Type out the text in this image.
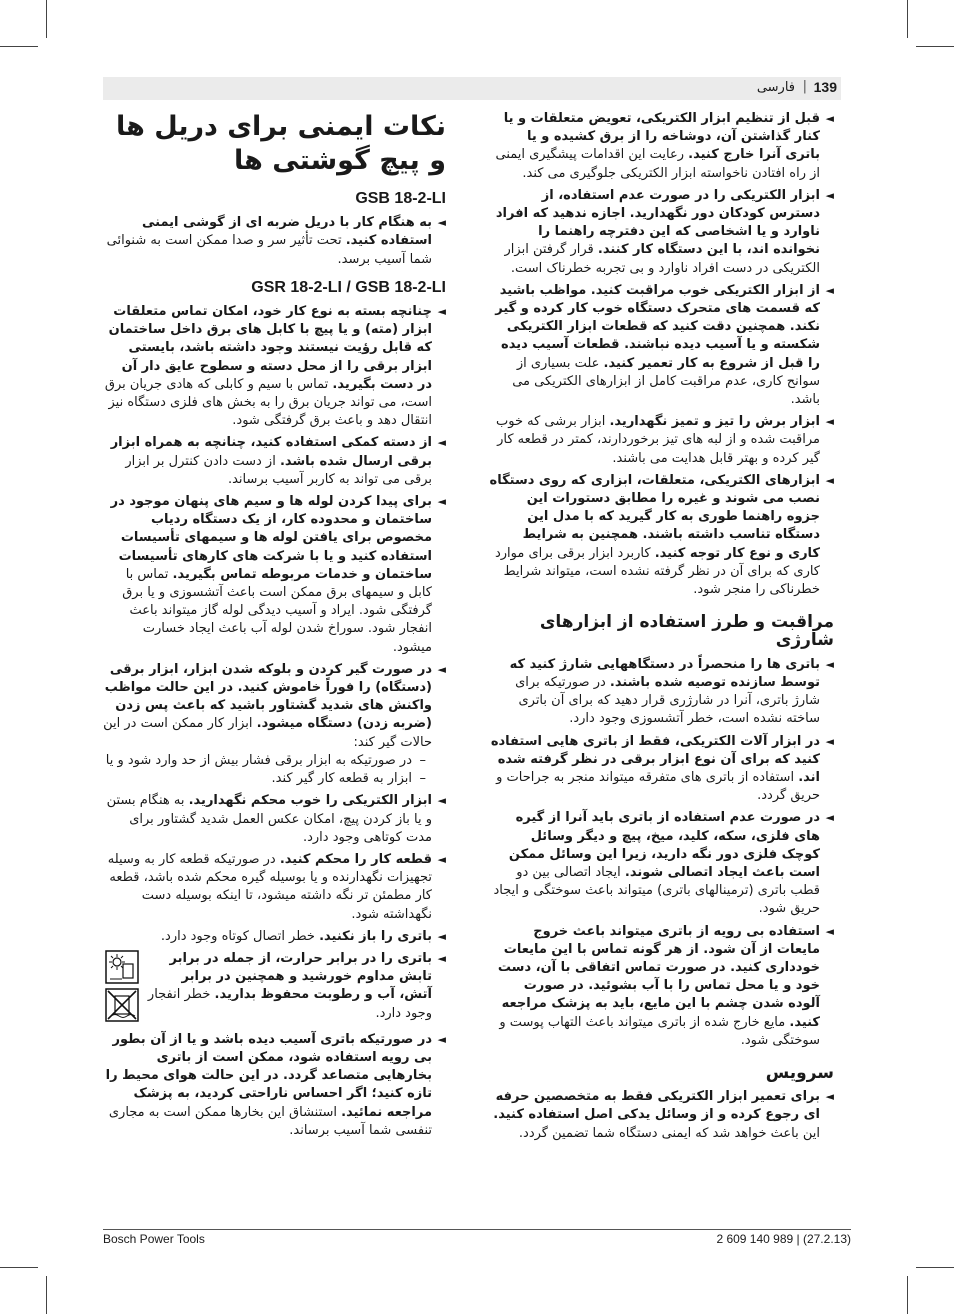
139
|
فارسی
◄
قبل از تنظیم ابزار الکتریکی، تعویض متعلقات و یا کنار گذاشتن آن، دوشاخه را از برق کشیده و یا باتری آنرا خارج کنید. رعایت این اقدامات پیشگیری ایمنی از راه افتادن ناخواسته ابزار الکتریکی جلوگیری می کند.
◄
ابزار الکتریکی را در صورت عدم استفاده، از دسترس کودکان دور نگهدارید. اجازه ندهید که افراد ناوارد و یا اشخاصی که این دفترچه راهنما را نخوانده اند، با این دستگاه کار کنند. قرار گرفتن ابزار الکتریکی در دست افراد ناوارد و بی تجربه خطرناک است.
◄
از ابزار الکتریکی خوب مراقبت کنید. مواظب باشید که قسمت های متحرک دستگاه خوب کار کرده و گیر نکند. همچنین دقت کنید که قطعات ابزار الکتریکی شکسته و یا آسیب دیده نباشند. قطعات آسیب دیده را قبل از شروع به کار تعمیر کنید. علت بسیاری از سوانح کاری، عدم مراقبت کامل از ابزارهای الکتریکی می باشد.
◄
ابزار برش را تیز و تمیز نگهدارید. ابزار برشی که خوب مراقبت شده و از لبه های تیز برخوردارند، کمتر در قطعه کار گیر کرده و بهتر قابل هدایت می باشند.
◄
ابزارهای الکتریکی، متعلقات، ابزاری که روی دستگاه نصب می شوند و غیره را مطابق دستورات این جزوه راهنما طوری به کار گیرید که با مدل این دستگاه تناسب داشته باشند. همچنین به شرایط کاری و نوع کار توجه کنید. کاربرد ابزار برقی برای موارد کاری که برای آن در نظر گرفته نشده است، میتواند شرایط خطرناکی را منجر شود.
مراقبت و طرز استفاده از ابزارهای شارژی
◄
باتری ها را منحصراً در دستگاههایی شارژ کنید که توسط سازنده توصیه شده باشند. در صورتیکه برای شارژ باتری، آنرا در شارژری قرار دهید که برای آن باتری ساخته نشده است، خطر آتشسوزی وجود دارد.
◄
در ابزار آلات الکتریکی، فقط از باتری هایی استفاده کنید که برای آن نوع ابزار برقی در نظر گرفته شده اند. استفاده از باتری های متفرقه میتواند منجر به جراحات و حریق گردد.
◄
در صورت عدم استفاده از باتری باید آنرا از گیره های فلزی، سکه، کلید، میخ، پیچ و دیگر وسائل کوچک فلزی دور نگه دارید، زیرا این وسائل ممکن است باعث ایجاد اتصالی شوند. ایجاد اتصالی بین دو قطب باتری (ترمینالهای باتری) میتواند باعث سوختگی و ایجاد حریق شود.
◄
استفاده بی رویه از باتری میتواند باعث خروج مایعات از آن شود. از هر گونه تماس با این مایعات خودداری کنید. در صورت تماس اتفاقی با آن، دست خود و یا محل تماس را با آب بشوئید. در صورت آلوده شدن چشم با این مایع، باید به پزشک مراجعه کنید. مایع خارج شده از باتری میتواند باعث التهاب پوست و سوختگی شود.
سرویس
◄
برای تعمیر ابزار الکتریکی فقط به متخصصین حرفه ای رجوع کرده و از وسائل یدکی اصل استفاده کنید. این باعث خواهد شد که ایمنی دستگاه شما تضمین گردد.
نکات ایمنی برای دریل ها و پیچ گوشتی ها
GSB 18-2-LI
◄
به هنگام کار با دریل ضربه ای از گوشی ایمنی استفاده کنید. تحت تأثیر سر و صدا ممکن است به شنوائی شما آسیب برسد.
GSR 18-2-LI / GSB 18-2-LI
◄
چنانچه بسته به نوع کار خود، امکان تماس متعلقات ابزار (مته) و یا پیچ با کابل های برق داخل ساختمان که قابل رؤیت نیستند وجود داشته باشد، بایستی ابزار برقی را از محل دسته و سطوح عایق دار آن در دست بگیرید. تماس با سیم و کابلی که هادی جریان برق است، می تواند جریان برق را به بخش های فلزی دستگاه نیز انتقال دهد و باعث برق گرفتگی شود.
◄
از دسته کمکی استفاده کنید، چنانچه به همراه ابزار برقی ارسال شده باشد. از دست دادن کنترل بر ابزار برقی می تواند به کاربر آسیب برساند.
◄
برای پیدا کردن لوله ها و سیم های پنهان موجود در ساختمان و محدوده کار، از یک دستگاه ردیاب مخصوص برای یافتن لوله ها و سیمهای تأسیسات استفاده کنید و یا با شرکت های کارهای تأسیسات ساختمان و خدمات مربوطه تماس بگیرید. تماس با کابل و سیمهای برق ممکن است باعث آتشسوزی و یا برق گرفتگی شود. ایراد و آسیب دیدگی لوله گاز میتواند باعث انفجار شود. سوراخ شدن لوله آب باعث ایجاد خسارت میشود.
◄
در صورت گیر کردن و بلوکه شدن ابزار، ابزار برقی (دستگاه) را فوراً خاموش کنید. در این حالت مواظب واکنش های شدید گشتاور باشید که باعث پس زدن (ضربه زدن) دستگاه میشود. ابزار کار ممکن است در این حالات گیر کند:
–
در صورتیکه به ابزار برقی فشار بیش از حد وارد شود و یا
–
ابزار به قطعه کار گیر کند.
◄
ابزار الکتریکی را خوب محکم نگهدارید. به هنگام بستن و یا باز کردن پیچ، امکان عکس العمل شدید گشتاور برای مدت کوتاهی وجود دارد.
◄
قطعه کار را محکم کنید. در صورتیکه قطعه کار به وسیله تجهیزات نگهدارنده و یا بوسیله گیره محکم شده باشد، قطعه کار مطمئن تر نگه داشته میشود، تا اینکه بوسیله دست نگهداشته شود.
◄
باتری را باز نکنید. خطر اتصال کوتاه وجود دارد.
◄
باتری را در برابر حرارت، از جمله در برابر تابش مداوم خورشید و همچنین در برابر آتش، آب و رطوبت محفوظ بدارید. خطر انفجار وجود دارد.
◄
در صورتیکه باتری آسیب دیده باشد و یا از آن بطور بی رویه استفاده شود، ممکن است از باتری بخارهایی متصاعد گردد. در این حالت هوای محیط را تازه کنید؛ اگر احساس ناراحتی کردید، به پزشک مراجعه نمائید. استنشاق این بخارها ممکن است به مجاری تنفسی شما آسیب برساند.
Bosch Power Tools	2 609 140 989 | (27.2.13)
